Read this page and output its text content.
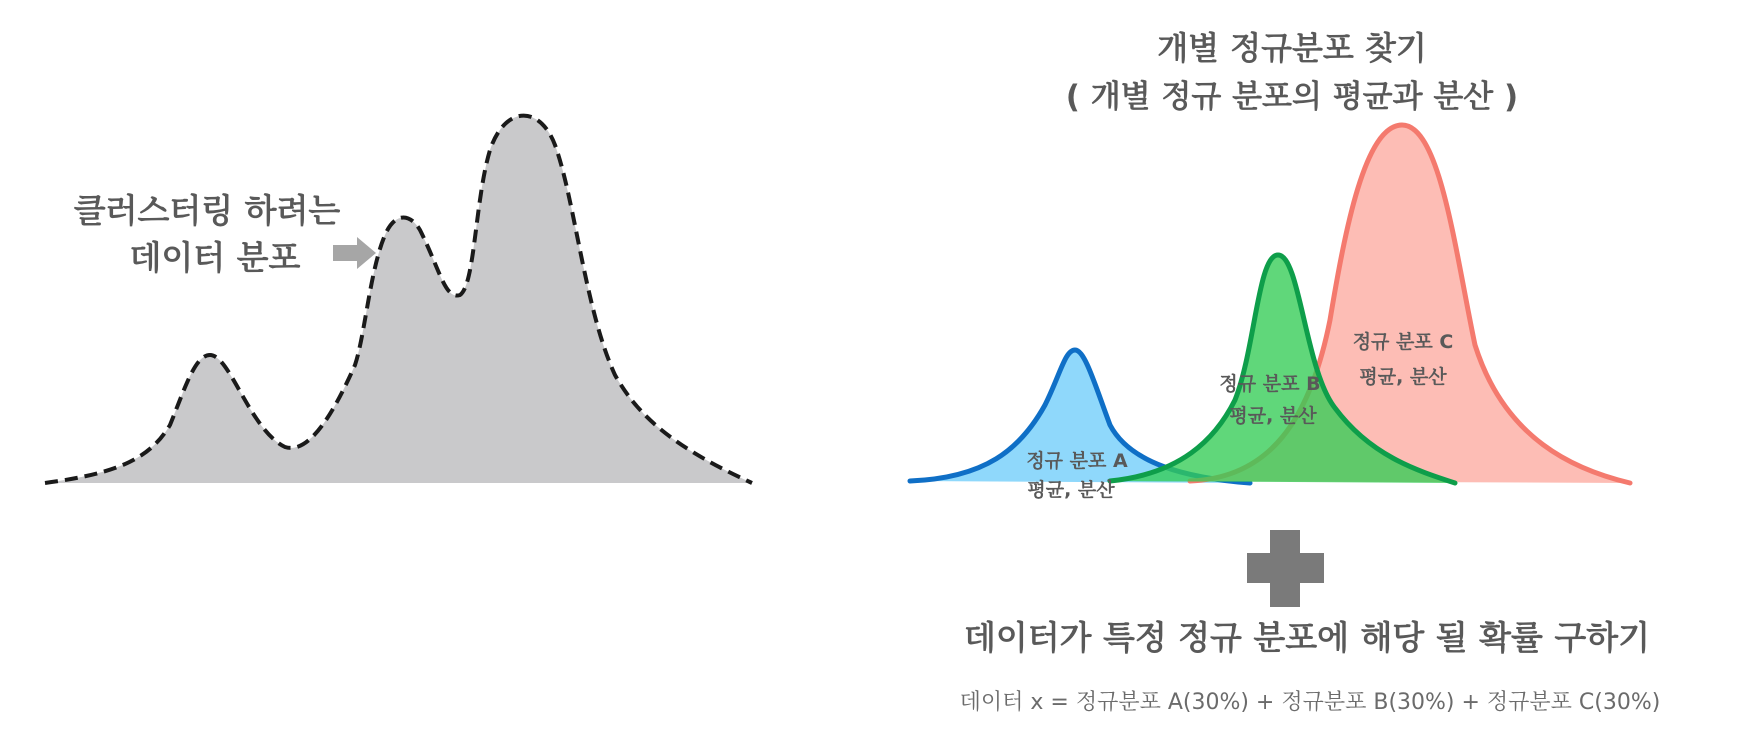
클러스터링 하려는
데이터 분포
개별 정규분포 찾기
( 개별 정규 분포의 평균과 분산 )
정규 분포 A
평균, 분산
정규 분포 B
평균, 분산
정규 분포 C
평균, 분산
데이터가 특정 정규 분포에 해당 될 확률 구하기
데이터 x = 정규분포 A(30%) + 정규분포 B(30%) + 정규분포 C(30%)
